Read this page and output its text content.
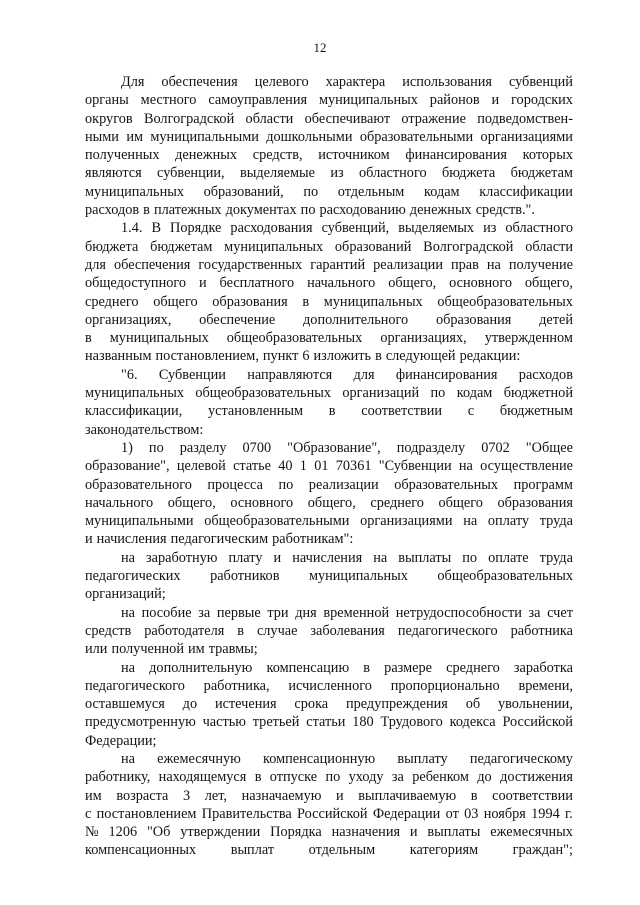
12
Для обеспечения целевого характера использования субвенций
органы местного самоуправления муниципальных районов и городских
округов Волгоградской области обеспечивают отражение подведомствен-
ными им муниципальными дошкольными образовательными организациями
полученных денежных средств, источником финансирования которых
являются субвенции, выделяемые из областного бюджета бюджетам
муниципальных образований, по отдельным кодам классификации
расходов в платежных документах по расходованию денежных средств.".
1.4. В Порядке расходования субвенций, выделяемых из областного
бюджета бюджетам муниципальных образований Волгоградской области
для обеспечения государственных гарантий реализации прав на получение
общедоступного и бесплатного начального общего, основного общего,
среднего общего образования в муниципальных общеобразовательных
организациях, обеспечение дополнительного образования детей
в муниципальных общеобразовательных организациях, утвержденном
названным постановлением, пункт 6 изложить в следующей редакции:
"6. Субвенции направляются для финансирования расходов
муниципальных общеобразовательных организаций по кодам бюджетной
классификации, установленным в соответствии с бюджетным
законодательством:
1) по разделу 0700 "Образование", подразделу 0702 "Общее
образование", целевой статье 40 1 01 70361 "Субвенции на осуществление
образовательного процесса по реализации образовательных программ
начального общего, основного общего, среднего общего образования
муниципальными общеобразовательными организациями на оплату труда
и начисления педагогическим работникам":
на заработную плату и начисления на выплаты по оплате труда
педагогических работников муниципальных общеобразовательных
организаций;
на пособие за первые три дня временной нетрудоспособности за счет
средств работодателя в случае заболевания педагогического работника
или полученной им травмы;
на дополнительную компенсацию в размере среднего заработка
педагогического работника, исчисленного пропорционально времени,
оставшемуся до истечения срока предупреждения об увольнении,
предусмотренную частью третьей статьи 180 Трудового кодекса Российской
Федерации;
на ежемесячную компенсационную выплату педагогическому
работнику, находящемуся в отпуске по уходу за ребенком до достижения
им возраста 3 лет, назначаемую и выплачиваемую в соответствии
с постановлением Правительства Российской Федерации от 03 ноября 1994 г.
№ 1206 "Об утверждении Порядка назначения и выплаты ежемесячных
компенсационных выплат отдельным категориям граждан";
